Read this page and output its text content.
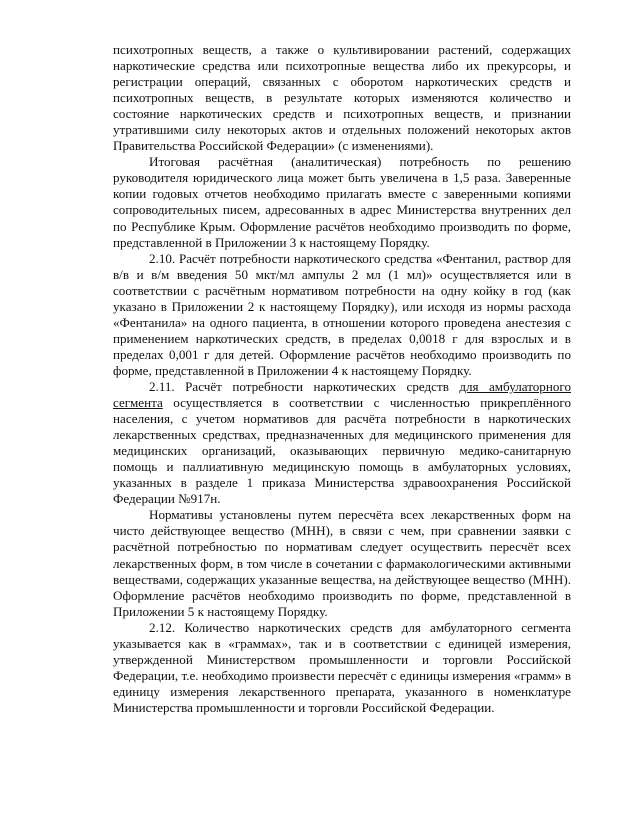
психотропных веществ, а также о культивировании растений, содержащих наркотические средства или психотропные вещества либо их прекурсоры, и регистрации операций, связанных с оборотом наркотических средств и психотропных веществ, в результате которых изменяются количество и состояние наркотических средств и психотропных веществ, и признании утратившими силу некоторых актов и отдельных положений некоторых актов Правительства Российской Федерации» (с изменениями).

Итоговая расчётная (аналитическая) потребность по решению руководителя юридического лица может быть увеличена в 1,5 раза. Заверенные копии годовых отчетов необходимо прилагать вместе с заверенными копиями сопроводительных писем, адресованных в адрес Министерства внутренних дел по Республике Крым. Оформление расчётов необходимо производить по форме, представленной в Приложении 3 к настоящему Порядку.

2.10. Расчёт потребности наркотического средства «Фентанил, раствор для в/в и в/м введения 50 мкт/мл ампулы 2 мл (1 мл)» осуществляется или в соответствии с расчётным нормативом потребности на одну койку в год (как указано в Приложении 2 к настоящему Порядку), или исходя из нормы расхода «Фентанила» на одного пациента, в отношении которого проведена анестезия с применением наркотических средств, в пределах 0,0018 г для взрослых и в пределах 0,001 г для детей. Оформление расчётов необходимо производить по форме, представленной в Приложении 4 к настоящему Порядку.

2.11. Расчёт потребности наркотических средств для амбулаторного сегмента осуществляется в соответствии с численностью прикреплённого населения, с учетом нормативов для расчёта потребности в наркотических лекарственных средствах, предназначенных для медицинского применения для медицинских организаций, оказывающих первичную медико-санитарную помощь и паллиативную медицинскую помощь в амбулаторных условиях, указанных в разделе 1 приказа Министерства здравоохранения Российской Федерации №917н.

Нормативы установлены путем пересчёта всех лекарственных форм на чисто действующее вещество (МНН), в связи с чем, при сравнении заявки с расчётной потребностью по нормативам следует осуществить пересчёт всех лекарственных форм, в том числе в сочетании с фармакологическими активными веществами, содержащих указанные вещества, на действующее вещество (МНН). Оформление расчётов необходимо производить по форме, представленной в Приложении 5 к настоящему Порядку.

2.12. Количество наркотических средств для амбулаторного сегмента указывается как в «граммах», так и в соответствии с единицей измерения, утвержденной Министерством промышленности и торговли Российской Федерации, т.е. необходимо произвести пересчёт с единицы измерения «грамм» в единицу измерения лекарственного препарата, указанного в номенклатуре Министерства промышленности и торговли Российской Федерации.
